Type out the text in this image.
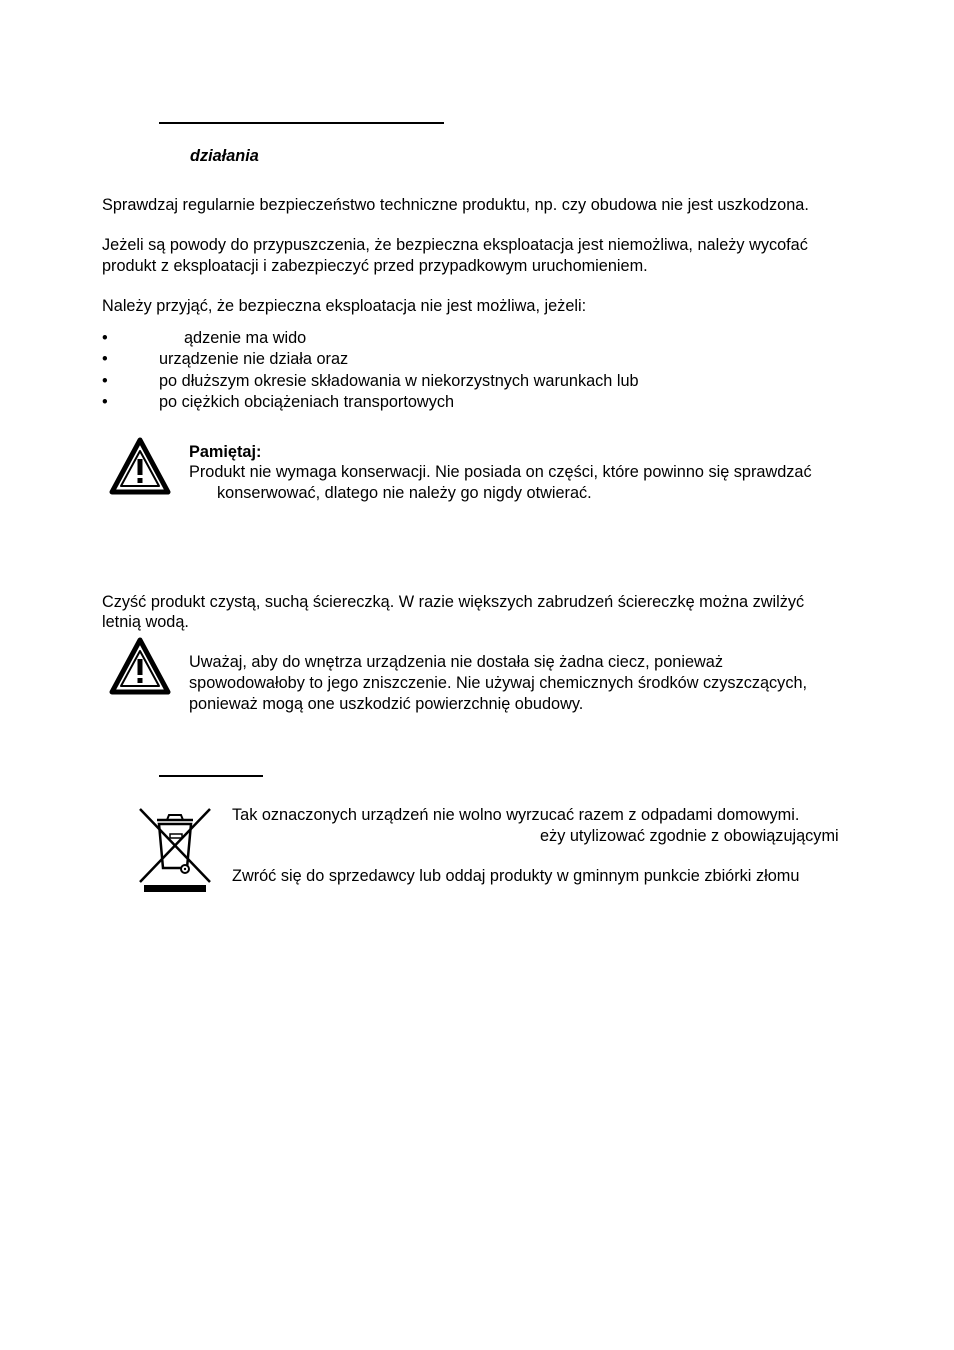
działania
Sprawdzaj regularnie bezpieczeństwo techniczne produktu, np. czy obudowa nie jest uszkodzona.
Jeżeli są powody do przypuszczenia, że bezpieczna eksploatacja jest niemożliwa, należy wycofać
produkt z eksploatacji i zabezpieczyć przed przypadkowym uruchomieniem.
Należy przyjąć, że bezpieczna eksploatacja nie jest możliwa, jeżeli:
•	ądzenie ma wido
•	urządzenie nie działa oraz
•	po dłuższym okresie składowania w niekorzystnych warunkach lub
•	po ciężkich obciążeniach transportowych
Pamiętaj:
Produkt nie wymaga konserwacji. Nie posiada on części, które powinno się sprawdzać
konserwować, dlatego nie należy go nigdy otwierać.
Czyść produkt czystą, suchą ściereczką. W razie większych zabrudzeń ściereczkę można zwilżyć
letnią wodą.
Uważaj, aby do wnętrza urządzenia nie dostała się żadna ciecz, ponieważ
spowodowałoby to jego zniszczenie. Nie używaj chemicznych środków czyszczących,
ponieważ mogą one uszkodzić powierzchnię obudowy.
Tak oznaczonych urządzeń nie wolno wyrzucać razem z odpadami domowymi.
eży utylizować zgodnie z obowiązującymi
Zwróć się do sprzedawcy lub oddaj produkty w gminnym punkcie zbiórki złomu
